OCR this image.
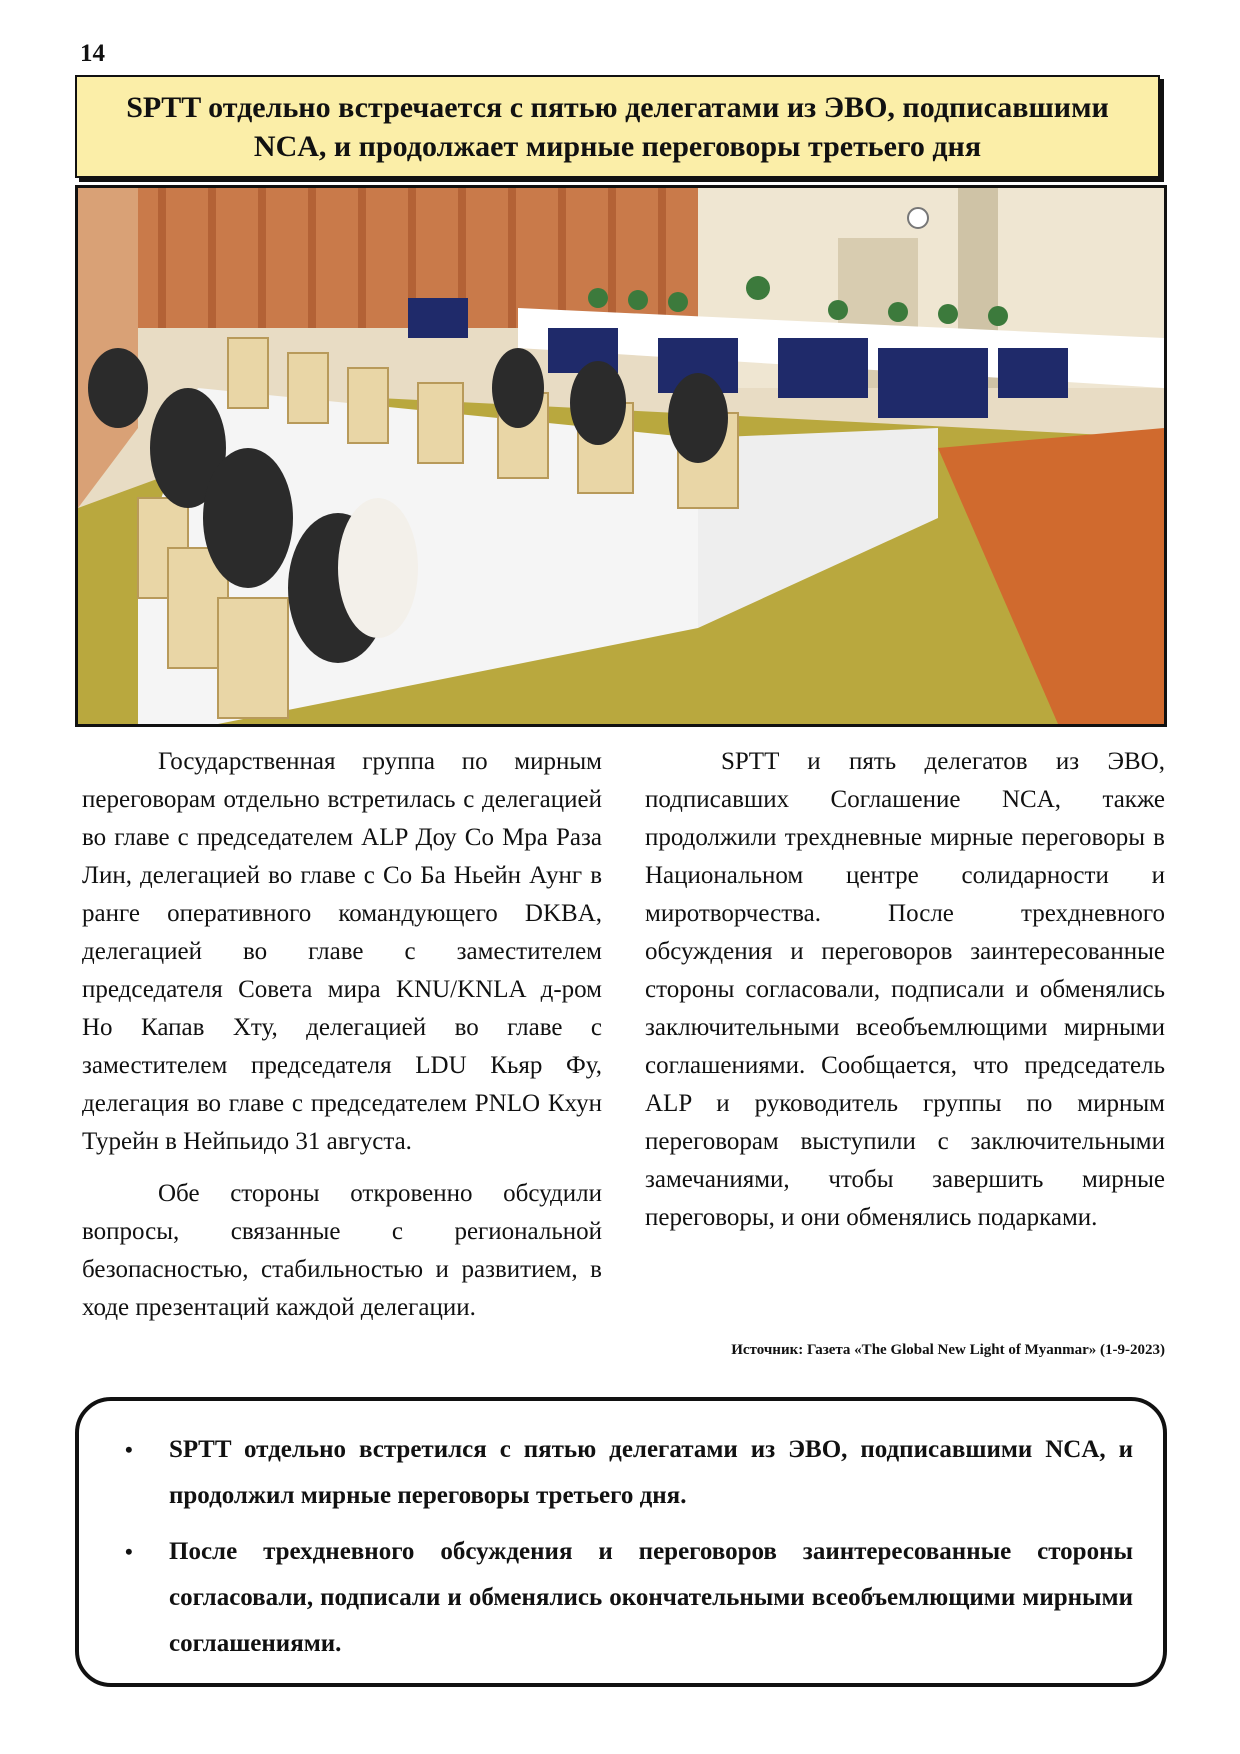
14
SPTT отдельно встречается с пятью делегатами из ЭВО, подписавшими
NCA, и продолжает мирные переговоры третьего дня

Государственная группа по мирным переговорам отдельно встретилась с делегацией во главе с председателем ALP Доу Со Мра Раза Лин, делегацией во главе с Со Ба Ньейн Аунг в ранге оперативного командующего DKBA, делегацией во главе с заместителем председателя Совета мира KNU/KNLA д-ром Но Капав Хту, делегацией во главе с заместителем председателя LDU Кьяр Фу, делегация во главе с председателем PNLO Кхун Турейн в Нейпьидо 31 августа.

Обе стороны откровенно обсудили вопросы, связанные с региональной безопасностью, стабильностью и развитием, в ходе презентаций каждой делегации.

SPTT и пять делегатов из ЭВО, подписавших Соглашение NCA, также продолжили трехдневные мирные переговоры в Национальном центре солидарности и миротворчества. После трехдневного обсуждения и переговоров заинтересованные стороны согласовали, подписали и обменялись заключительными всеобъемлющими мирными соглашениями. Сообщается, что председатель ALP и руководитель группы по мирным переговорам выступили с заключительными замечаниями, чтобы завершить мирные переговоры, и они обменялись подарками.

Источник: Газета «The Global New Light of Myanmar» (1-9-2023)
• SPTT отдельно встретился с пятью делегатами из ЭВО, подписавшими NCA, и продолжил мирные переговоры третьего дня.
• После трехдневного обсуждения и переговоров заинтересованные стороны согласовали, подписали и обменялись окончательными всеобъемлющими мирными соглашениями.
